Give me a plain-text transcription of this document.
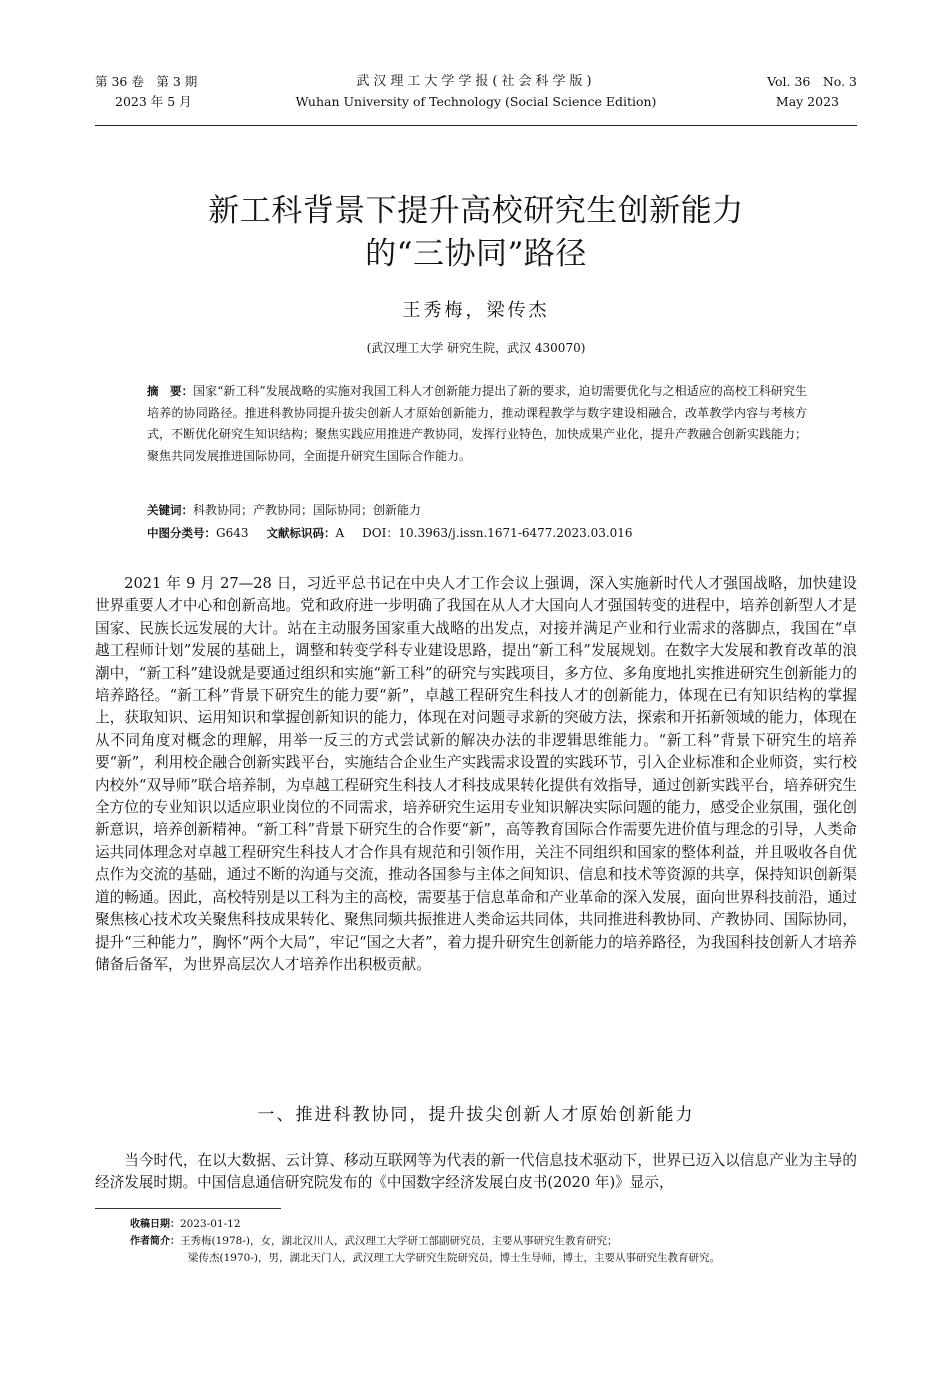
第 36 卷　第 3 期
2023 年 5 月
武汉理工大学学报(社会科学版)
Wuhan University of Technology (Social Science Edition)
Vol. 36　No. 3
May 2023
新工科背景下提升高校研究生创新能力
的“三协同”路径
王秀梅，梁传杰
(武汉理工大学 研究生院，武汉 430070)
摘　要：国家“新工科”发展战略的实施对我国工科人才创新能力提出了新的要求，迫切需要优化与之相适应的高校工科研究生培养的协同路径。推进科教协同提升拔尖创新人才原始创新能力，推动课程教学与数字建设相融合，改革教学内容与考核方式，不断优化研究生知识结构；聚焦实践应用推进产教协同，发挥行业特色，加快成果产业化，提升产教融合创新实践能力；聚焦共同发展推进国际协同，全面提升研究生国际合作能力。
关键词：科教协同；产教协同；国际协同；创新能力
中图分类号：G643 文献标识码：A DOI：10.3963/j.issn.1671-6477.2023.03.016

2021 年 9 月 27—28 日，习近平总书记在中央人才工作会议上强调，深入实施新时代人才强国战略，加快建设世界重要人才中心和创新高地。党和政府进一步明确了我国在从人才大国向人才强国转变的进程中，培养创新型人才是国家、民族长远发展的大计。站在主动服务国家重大战略的出发点，对接并满足产业和行业需求的落脚点，我国在“卓越工程师计划”发展的基础上，调整和转变学科专业建设思路，提出“新工科”发展规划。在数字大发展和教育改革的浪潮中，“新工科”建设就是要通过组织和实施“新工科”的研究与实践项目，多方位、多角度地扎实推进研究生创新能力的培养路径。“新工科”背景下研究生的能力要“新”，卓越工程研究生科技人才的创新能力，体现在已有知识结构的掌握上，获取知识、运用知识和掌握创新知识的能力，体现在对问题寻求新的突破方法，探索和开拓新领域的能力，体现在从不同角度对概念的理解，用举一反三的方式尝试新的解决办法的非逻辑思维能力。“新工科”背景下研究生的培养要“新”，利用校企融合创新实践平台，实施结合企业生产实践需求设置的实践环节，引入企业标准和企业师资，实行校内校外“双导师”联合培养制，为卓越工程研究生科技人才科技成果转化提供有效指导，通过创新实践平台，培养研究生全方位的专业知识以适应职业岗位的不同需求，培养研究生运用专业知识解决实际问题的能力，感受企业氛围，强化创新意识，培养创新精神。“新工科”背景下研究生的合作要“新”，高等教育国际合作需要先进价值与理念的引导，人类命运共同体理念对卓越工程研究生科技人才合作具有规范和引领作用，关注不同组织和国家的整体利益，并且吸收各自优点作为交流的基础，通过不断的沟通与交流，推动各国参与主体之间知识、信息和技术等资源的共享，保持知识创新渠道的畅通。因此，高校特别是以工科为主的高校，需要基于信息革命和产业革命的深入发展，面向世界科技前沿，通过聚焦核心技术攻关聚焦科技成果转化、聚焦同频共振推进人类命运共同体，共同推进科教协同、产教协同、国际协同，提升“三种能力”，胸怀“两个大局”，牢记“国之大者”，着力提升研究生创新能力的培养路径，为我国科技创新人才培养储备后备军，为世界高层次人才培养作出积极贡献。

一、推进科教协同，提升拔尖创新人才原始创新能力

当今时代，在以大数据、云计算、移动互联网等为代表的新一代信息技术驱动下，世界已迈入以信息产业为主导的经济发展时期。中国信息通信研究院发布的《中国数字经济发展白皮书(2020 年)》显示，

收稿日期：2023-01-12
作者简介：王秀梅(1978-)，女，湖北汉川人，武汉理工大学研工部副研究员，主要从事研究生教育研究；
梁传杰(1970-)，男，湖北天门人，武汉理工大学研究生院研究员，博士生导师，博士，主要从事研究生教育研究。
